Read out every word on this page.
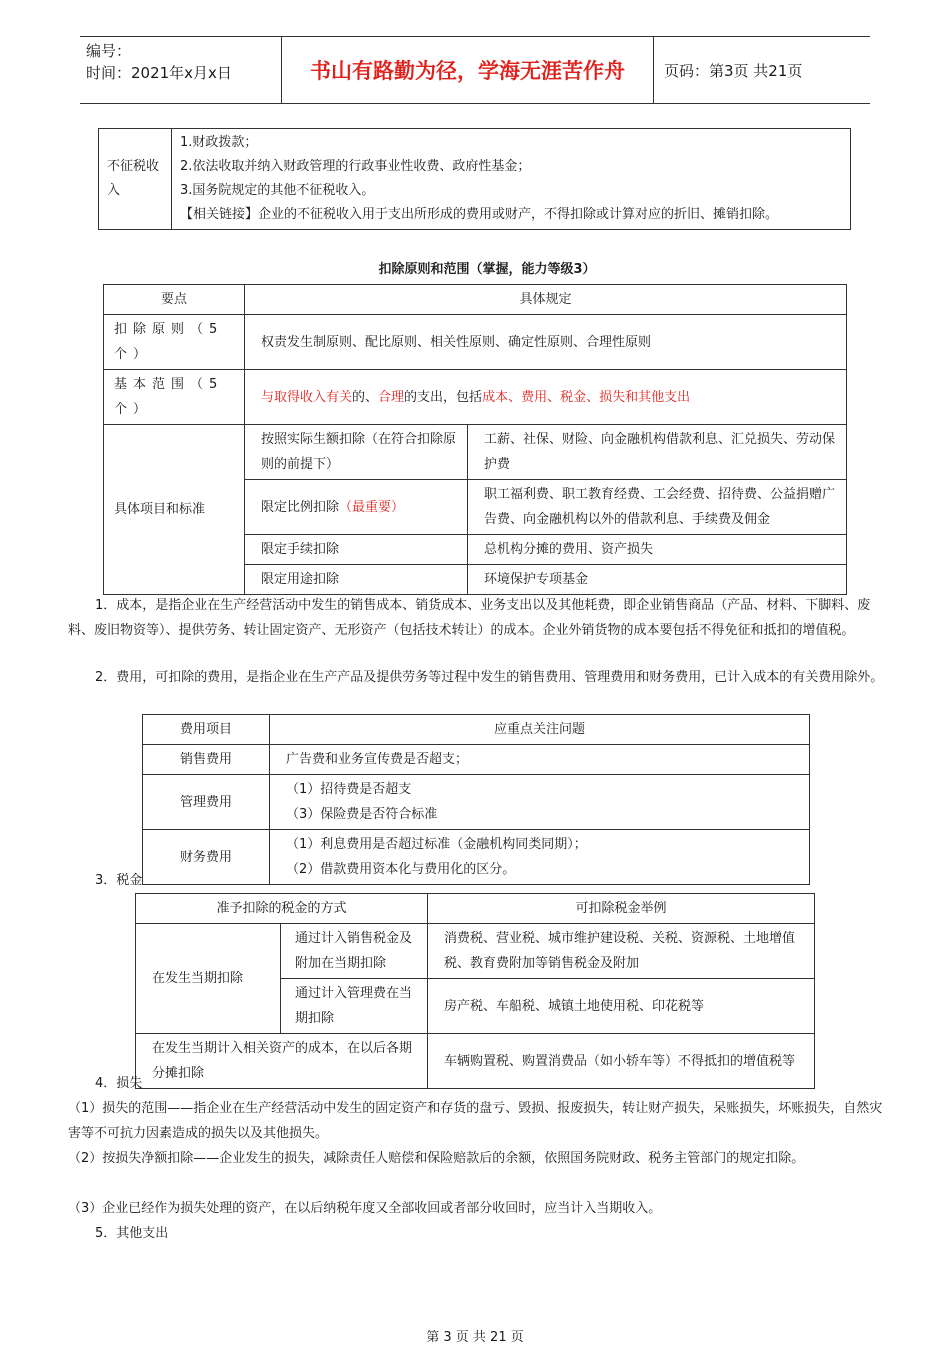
编号：
时间：2021年x月x日	书山有路勤为径，学海无涯苦作舟	页码：第3页 共21页
不征税收入	
1.财政拨款；
2.依法收取并纳入财政管理的行政事业性收费、政府性基金；
3.国务院规定的其他不征税收入。
【相关链接】企业的不征税收入用于支出所形成的费用或财产，不得扣除或计算对应的折旧、摊销扣除。
扣除原则和范围（掌握，能力等级3）
要点	具体规定	
扣除原则（5个）	权责发生制原则、配比原则、相关性原则、确定性原则、合理性原则	
基本范围（5个）	与取得收入有关的、合理的支出，包括成本、费用、税金、损失和其他支出	
具体项目和标准	按照实际生额扣除（在符合扣除原则的前提下）	工薪、社保、财险、向金融机构借款利息、汇兑损失、劳动保护费
	限定比例扣除（最重要）	职工福利费、职工教育经费、工会经费、招待费、公益捐赠广告费、向金融机构以外的借款利息、手续费及佣金
	限定手续扣除	总机构分摊的费用、资产损失
	限定用途扣除	环境保护专项基金
1．成本，是指企业在生产经营活动中发生的销售成本、销货成本、业务支出以及其他耗费，即企业销售商品（产品、材料、下脚料、废料、废旧物资等）、提供劳务、转让固定资产、无形资产（包括技术转让）的成本。企业外销货物的成本要包括不得免征和抵扣的增值税。
2．费用，可扣除的费用，是指企业在生产产品及提供劳务等过程中发生的销售费用、管理费用和财务费用，已计入成本的有关费用除外。
费用项目	应重点关注问题
销售费用	广告费和业务宣传费是否超支；
管理费用	（1）招待费是否超支
（3）保险费是否符合标准

财务费用	（1）利息费用是否超过标准（金融机构同类同期）；
（2）借款费用资本化与费用化的区分。
3．税金
准予扣除的税金的方式		可扣除税金举例
在发生当期扣除	通过计入销售税金及附加在当期扣除	消费税、营业税、城市维护建设税、关税、资源税、土地增值税、教育费附加等销售税金及附加
	通过计入管理费在当期扣除	房产税、车船税、城镇土地使用税、印花税等
在发生当期计入相关资产的成本，在以后各期分摊扣除		车辆购置税、购置消费品（如小轿车等）不得抵扣的增值税等
4．损失
（1）损失的范围——指企业在生产经营活动中发生的固定资产和存货的盘亏、毁损、报废损失，转让财产损失，呆账损失，坏账损失，自然灾害等不可抗力因素造成的损失以及其他损失。
（2）按损失净额扣除——企业发生的损失，减除责任人赔偿和保险赔款后的余额，依照国务院财政、税务主管部门的规定扣除。
（3）企业已经作为损失处理的资产，在以后纳税年度又全部收回或者部分收回时，应当计入当期收入。
5．其他支出
第 3 页 共 21 页
